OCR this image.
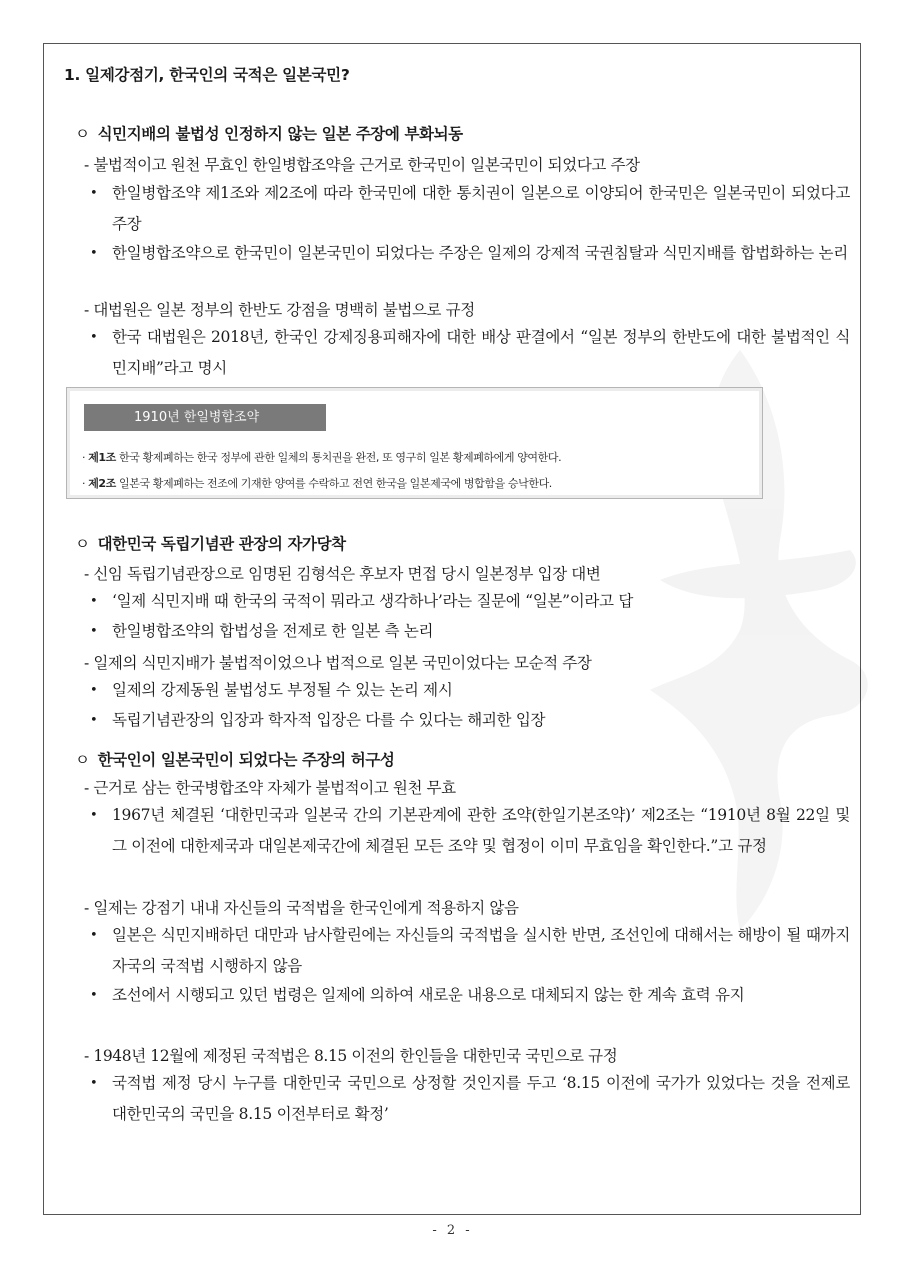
1. 일제강점기, 한국인의 국적은 일본국민?
ㅇ 식민지배의 불법성 인정하지 않는 일본 주장에 부화뇌동
- 불법적이고 원천 무효인 한일병합조약을 근거로 한국민이 일본국민이 되었다고 주장
• 한일병합조약 제1조와 제2조에 따라 한국민에 대한 통치권이 일본으로 이양되어 한국민은 일본국민이 되었다고 주장
• 한일병합조약으로 한국민이 일본국민이 되었다는 주장은 일제의 강제적 국권침탈과 식민지배를 합법화하는 논리
- 대법원은 일본 정부의 한반도 강점을 명백히 불법으로 규정
• 한국 대법원은 2018년, 한국인 강제징용피해자에 대한 배상 판결에서 “일본 정부의 한반도에 대한 불법적인 식민지배”라고 명시
1910년 한일병합조약
· 제1조 한국 황제폐하는 한국 정부에 관한 일체의 통치권을 완전, 또 영구히 일본 황제폐하에게 양여한다.
· 제2조 일본국 황제폐하는 전조에 기재한 양여를 수락하고 전연 한국을 일본제국에 병합함을 승낙한다.
ㅇ 대한민국 독립기념관 관장의 자가당착
- 신임 독립기념관장으로 임명된 김형석은 후보자 면접 당시 일본정부 입장 대변
• ‘일제 식민지배 때 한국의 국적이 뭐라고 생각하나’라는 질문에 “일본”이라고 답
• 한일병합조약의 합법성을 전제로 한 일본 측 논리
- 일제의 식민지배가 불법적이었으나 법적으로 일본 국민이었다는 모순적 주장
• 일제의 강제동원 불법성도 부정될 수 있는 논리 제시
• 독립기념관장의 입장과 학자적 입장은 다를 수 있다는 해괴한 입장
ㅇ 한국인이 일본국민이 되었다는 주장의 허구성
- 근거로 삼는 한국병합조약 자체가 불법적이고 원천 무효
• 1967년 체결된 ‘대한민국과 일본국 간의 기본관계에 관한 조약(한일기본조약)’ 제2조는 “1910년 8월 22일 및 그 이전에 대한제국과 대일본제국간에 체결된 모든 조약 및 협정이 이미 무효임을 확인한다.”고 규정
- 일제는 강점기 내내 자신들의 국적법을 한국인에게 적용하지 않음
• 일본은 식민지배하던 대만과 남사할린에는 자신들의 국적법을 실시한 반면, 조선인에 대해서는 해방이 될 때까지 자국의 국적법 시행하지 않음
• 조선에서 시행되고 있던 법령은 일제에 의하여 새로운 내용으로 대체되지 않는 한 계속 효력 유지
- 1948년 12월에 제정된 국적법은 8.15 이전의 한인들을 대한민국 국민으로 규정
• 국적법 제정 당시 누구를 대한민국 국민으로 상정할 것인지를 두고 ‘8.15 이전에 국가가 있었다는 것을 전제로 대한민국의 국민을 8.15 이전부터로 확정’
- 2 -
